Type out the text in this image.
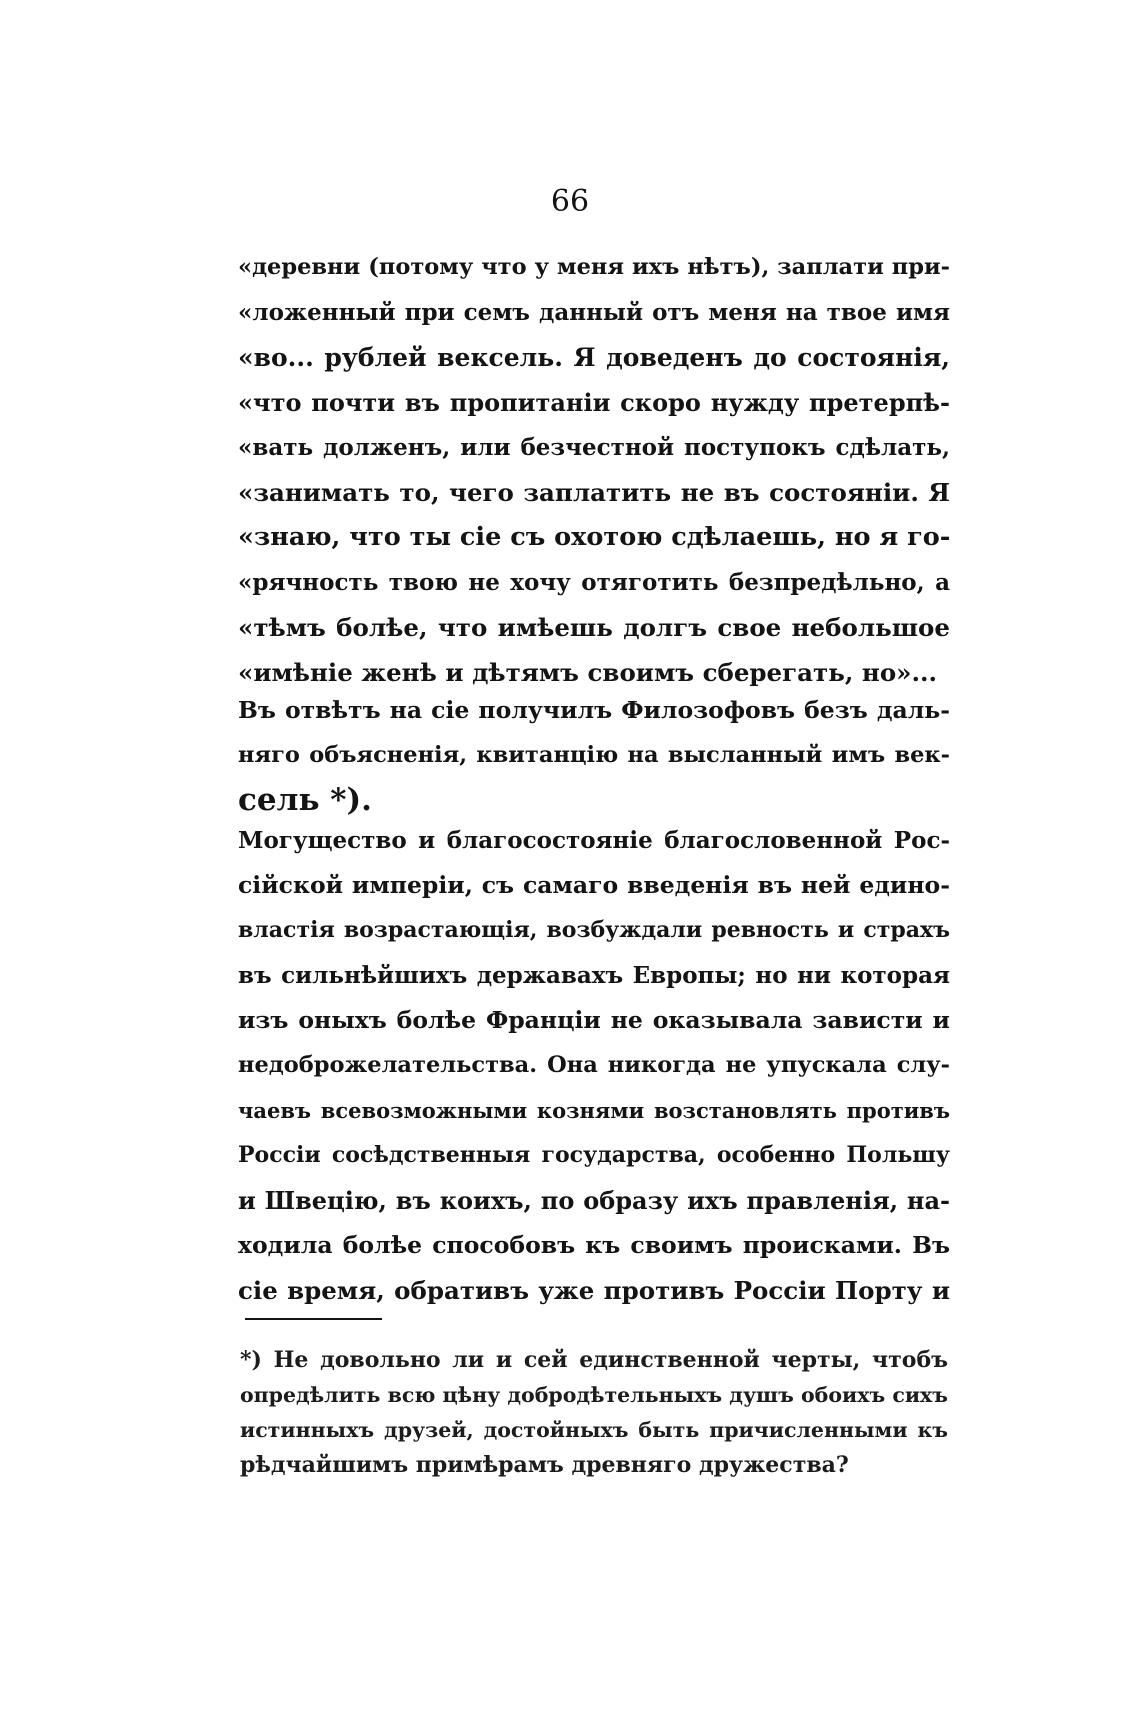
66
«деревни (потому что у меня ихъ нѣтъ), заплати при-
«ложенный при семъ данный отъ меня на твое имя
«во... рублей вексель. Я доведенъ до состоянія,
«что почти въ пропитаніи скоро нужду претерпѣ-
«вать долженъ, или безчестной поступокъ сдѣлать,
«занимать то, чего заплатить не въ состояніи. Я
«знаю, что ты сіе съ охотою сдѣлаешь, но я го-
«рячность твою не хочу отяготить безпредѣльно, а
«тѣмъ болѣе, что имѣешь долгъ свое небольшое
«имѣніе женѣ и дѣтямъ своимъ сберегать, но»...
Въ отвѣтъ на сіе получилъ Филозофовъ безъ даль-
няго объясненія, квитанцію на высланный имъ век-
сель *).
Могущество и благосостояніе благословенной Рос-
сійской имперіи, съ самаго введенія въ ней едино-
властія возрастающія, возбуждали ревность и страхъ
въ сильнѣйшихъ державахъ Европы; но ни которая
изъ оныхъ болѣе Франціи не оказывала зависти и
недоброжелательства. Она никогда не упускала слу-
чаевъ всевозможными кознями возстановлять противъ
Россіи сосѣдственныя государства, особенно Польшу
и Швецію, въ коихъ, по образу ихъ правленія, на-
ходила болѣе способовъ къ своимъ происками. Въ
сіе время, обративъ уже противъ Россіи Порту и
*) Не довольно ли и сей единственной черты, чтобъ
опредѣлить всю цѣну добродѣтельныхъ душъ обоихъ сихъ
истинныхъ друзей, достойныхъ быть причисленными къ
рѣдчайшимъ примѣрамъ древняго дружества?
